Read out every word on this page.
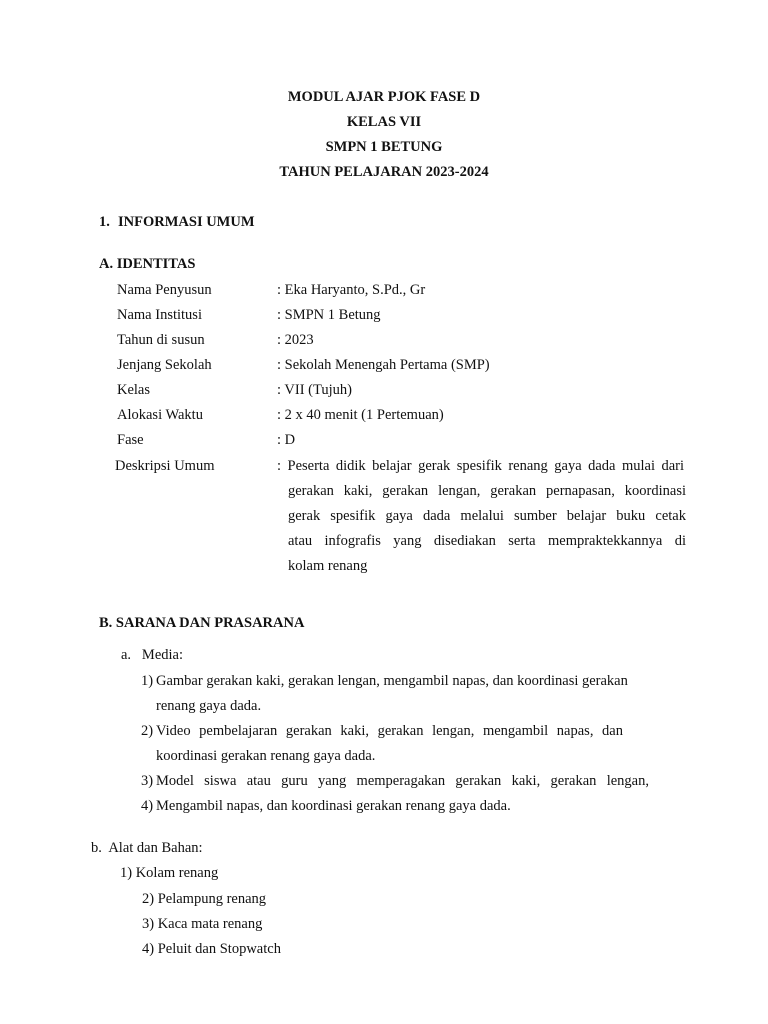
MODUL AJAR PJOK FASE D
KELAS VII
SMPN 1 BETUNG
TAHUN PELAJARAN 2023-2024
1. INFORMASI UMUM
A. IDENTITAS
Nama Penyusun	: Eka Haryanto, S.Pd., Gr
Nama Institusi	: SMPN 1 Betung
Tahun di susun	: 2023
Jenjang Sekolah	: Sekolah Menengah Pertama (SMP)
Kelas	: VII (Tujuh)
Alokasi Waktu	: 2 x 40 menit (1 Pertemuan)
Fase	: D
Deskripsi Umum	: Peserta didik belajar gerak spesifik renang gaya dada mulai dari
gerakan kaki, gerakan lengan, gerakan pernapasan, koordinasi
gerak spesifik gaya dada melalui sumber belajar buku cetak
atau infografis yang disediakan serta mempraktekkannya di
kolam renang
B. SARANA DAN PRASARANA
a.   Media:
1) Gambar gerakan kaki, gerakan lengan, mengambil napas, dan koordinasi gerakan
renang gaya dada.
2) Video pembelajaran gerakan kaki, gerakan lengan, mengambil napas, dan
koordinasi gerakan renang gaya dada.
3) Model siswa atau guru yang memperagakan gerakan kaki, gerakan lengan,
4) Mengambil napas, dan koordinasi gerakan renang gaya dada.
b.  Alat dan Bahan:
1) Kolam renang
2) Pelampung renang
3) Kaca mata renang
4) Peluit dan Stopwatch
